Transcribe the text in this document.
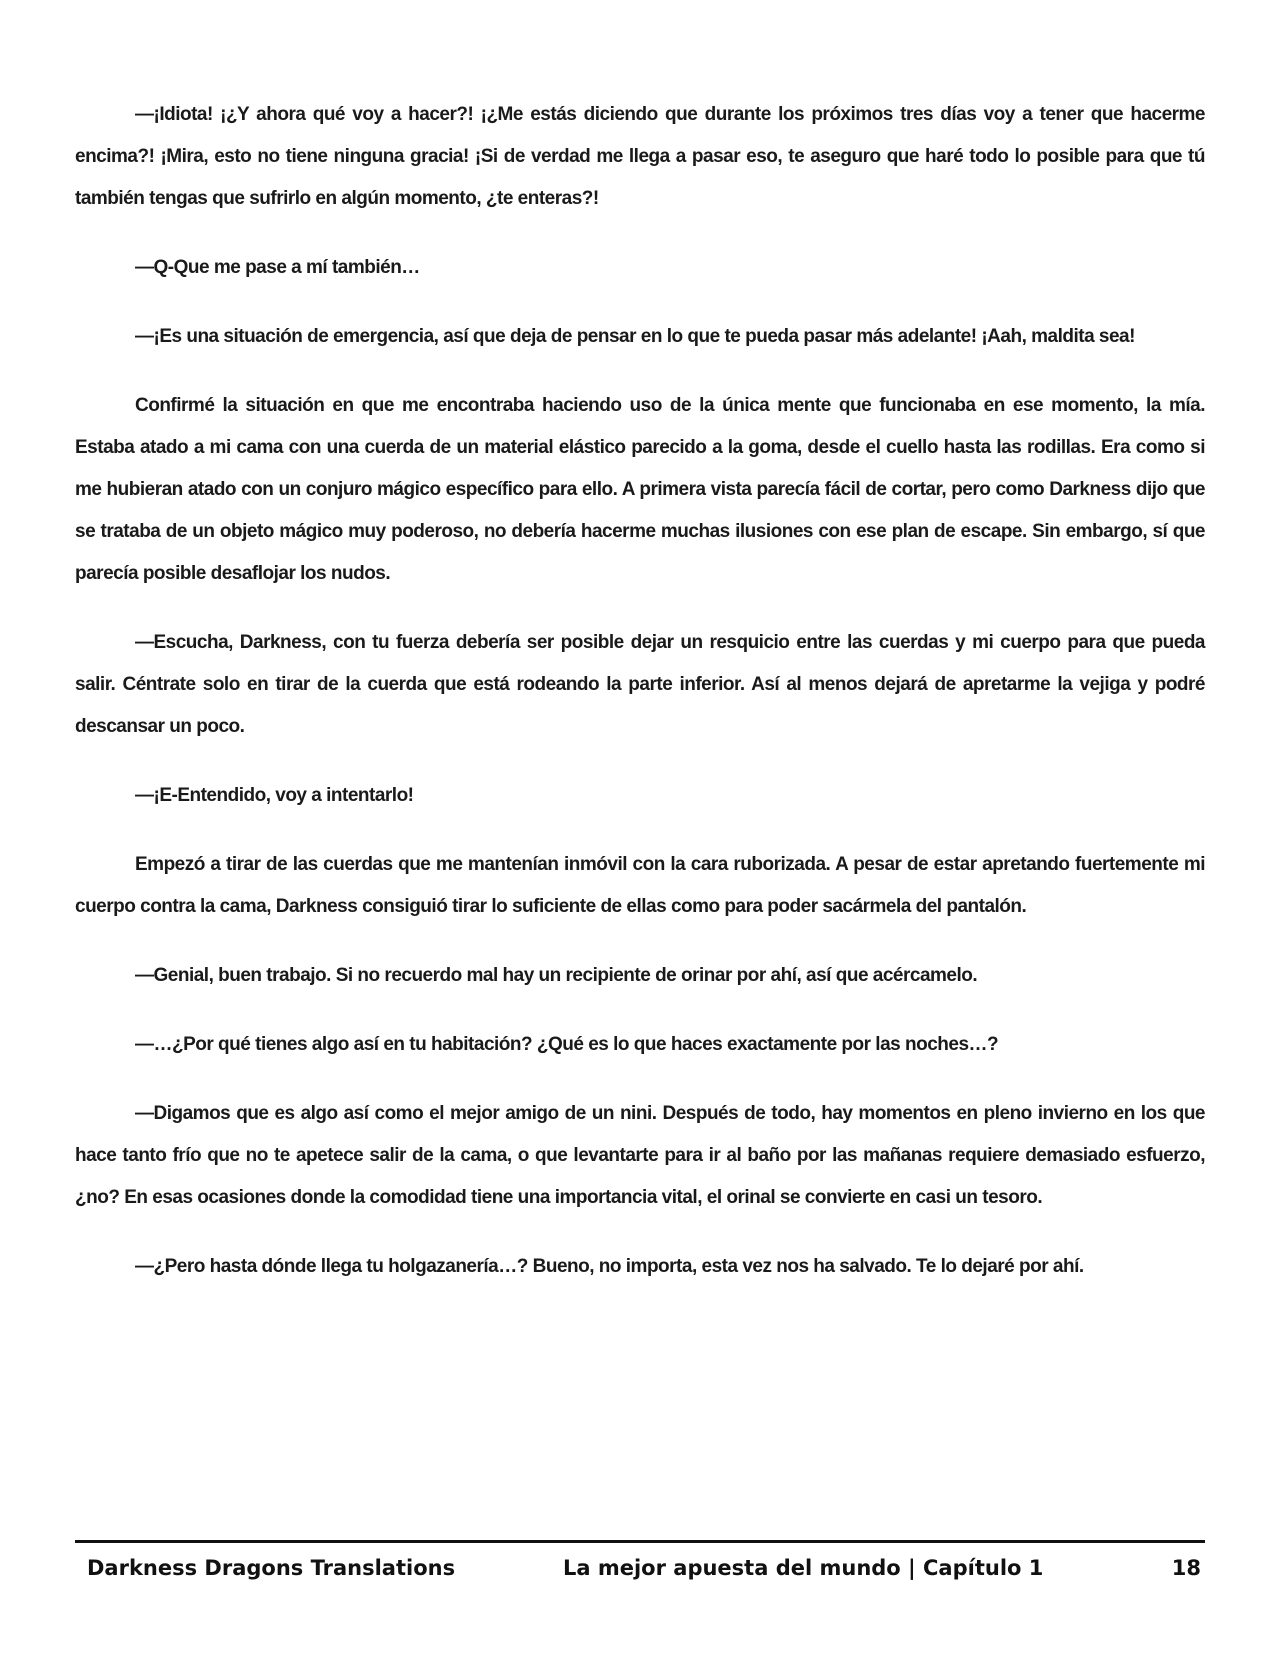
—¡Idiota! ¡¿Y ahora qué voy a hacer?! ¡¿Me estás diciendo que durante los próximos tres días voy a tener que hacerme encima?! ¡Mira, esto no tiene ninguna gracia! ¡Si de verdad me llega a pasar eso, te aseguro que haré todo lo posible para que tú también tengas que sufrirlo en algún momento, ¿te enteras?!

—Q-Que me pase a mí también…

—¡Es una situación de emergencia, así que deja de pensar en lo que te pueda pasar más adelante! ¡Aah, maldita sea!

Confirmé la situación en que me encontraba haciendo uso de la única mente que funcionaba en ese momento, la mía. Estaba atado a mi cama con una cuerda de un material elástico parecido a la goma, desde el cuello hasta las rodillas. Era como si me hubieran atado con un conjuro mágico específico para ello. A primera vista parecía fácil de cortar, pero como Darkness dijo que se trataba de un objeto mágico muy poderoso, no debería hacerme muchas ilusiones con ese plan de escape. Sin embargo, sí que parecía posible desaflojar los nudos.

—Escucha, Darkness, con tu fuerza debería ser posible dejar un resquicio entre las cuerdas y mi cuerpo para que pueda salir. Céntrate solo en tirar de la cuerda que está rodeando la parte inferior. Así al menos dejará de apretarme la vejiga y podré descansar un poco.

—¡E-Entendido, voy a intentarlo!

Empezó a tirar de las cuerdas que me mantenían inmóvil con la cara ruborizada. A pesar de estar apretando fuertemente mi cuerpo contra la cama, Darkness consiguió tirar lo suficiente de ellas como para poder sacármela del pantalón.

—Genial, buen trabajo. Si no recuerdo mal hay un recipiente de orinar por ahí, así que acércamelo.

—…¿Por qué tienes algo así en tu habitación? ¿Qué es lo que haces exactamente por las noches…?

—Digamos que es algo así como el mejor amigo de un nini. Después de todo, hay momentos en pleno invierno en los que hace tanto frío que no te apetece salir de la cama, o que levantarte para ir al baño por las mañanas requiere demasiado esfuerzo, ¿no? En esas ocasiones donde la comodidad tiene una importancia vital, el orinal se convierte en casi un tesoro.

—¿Pero hasta dónde llega tu holgazanería…? Bueno, no importa, esta vez nos ha salvado. Te lo dejaré por ahí.

Darkness Dragons Translations	La mejor apuesta del mundo | Capítulo 1	18
